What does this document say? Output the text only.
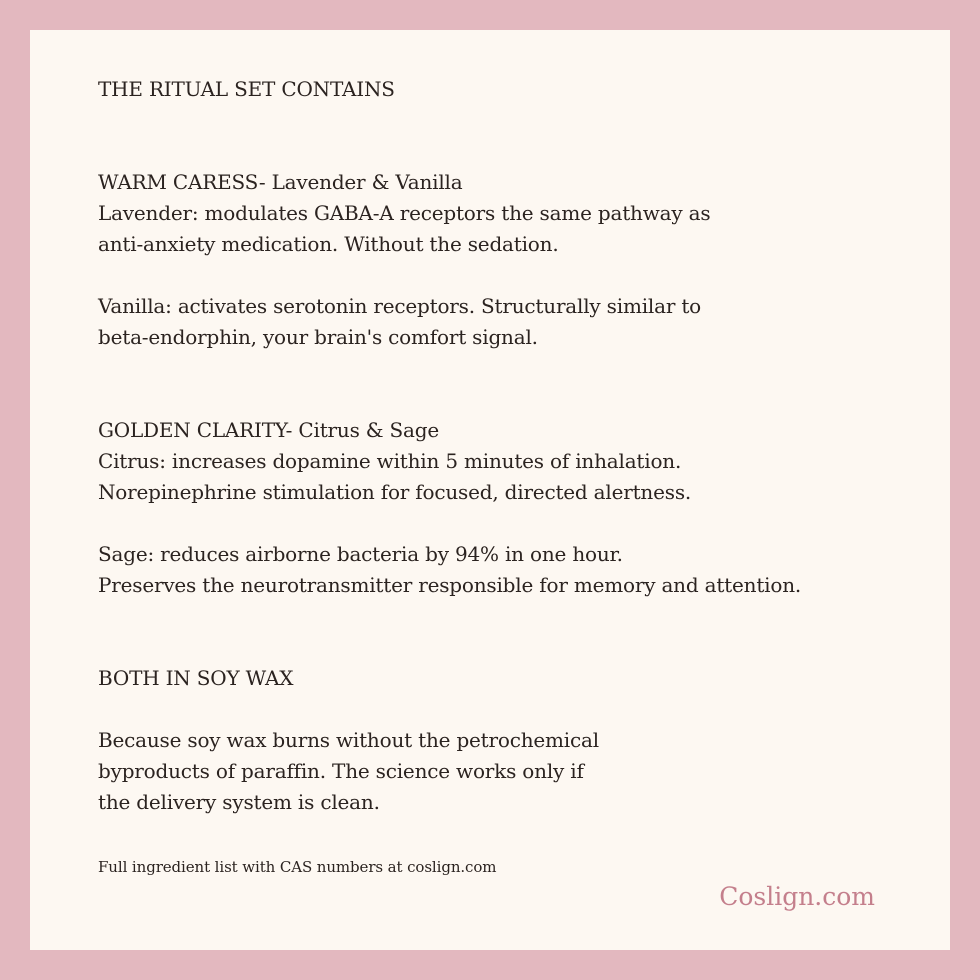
THE RITUAL SET CONTAINS
WARM CARESS- Lavender & Vanilla
Lavender: modulates GABA-A receptors the same pathway as
anti-anxiety medication. Without the sedation.
Vanilla: activates serotonin receptors. Structurally similar to
beta-endorphin, your brain's comfort signal.
GOLDEN CLARITY- Citrus & Sage
Citrus: increases dopamine within 5 minutes of inhalation.
Norepinephrine stimulation for focused, directed alertness.
Sage: reduces airborne bacteria by 94% in one hour.
Preserves the neurotransmitter responsible for memory and attention.
BOTH IN SOY WAX
Because soy wax burns without the petrochemical
byproducts of paraffin. The science works only if
the delivery system is clean.
Full ingredient list with CAS numbers at coslign.com
Coslign.com
